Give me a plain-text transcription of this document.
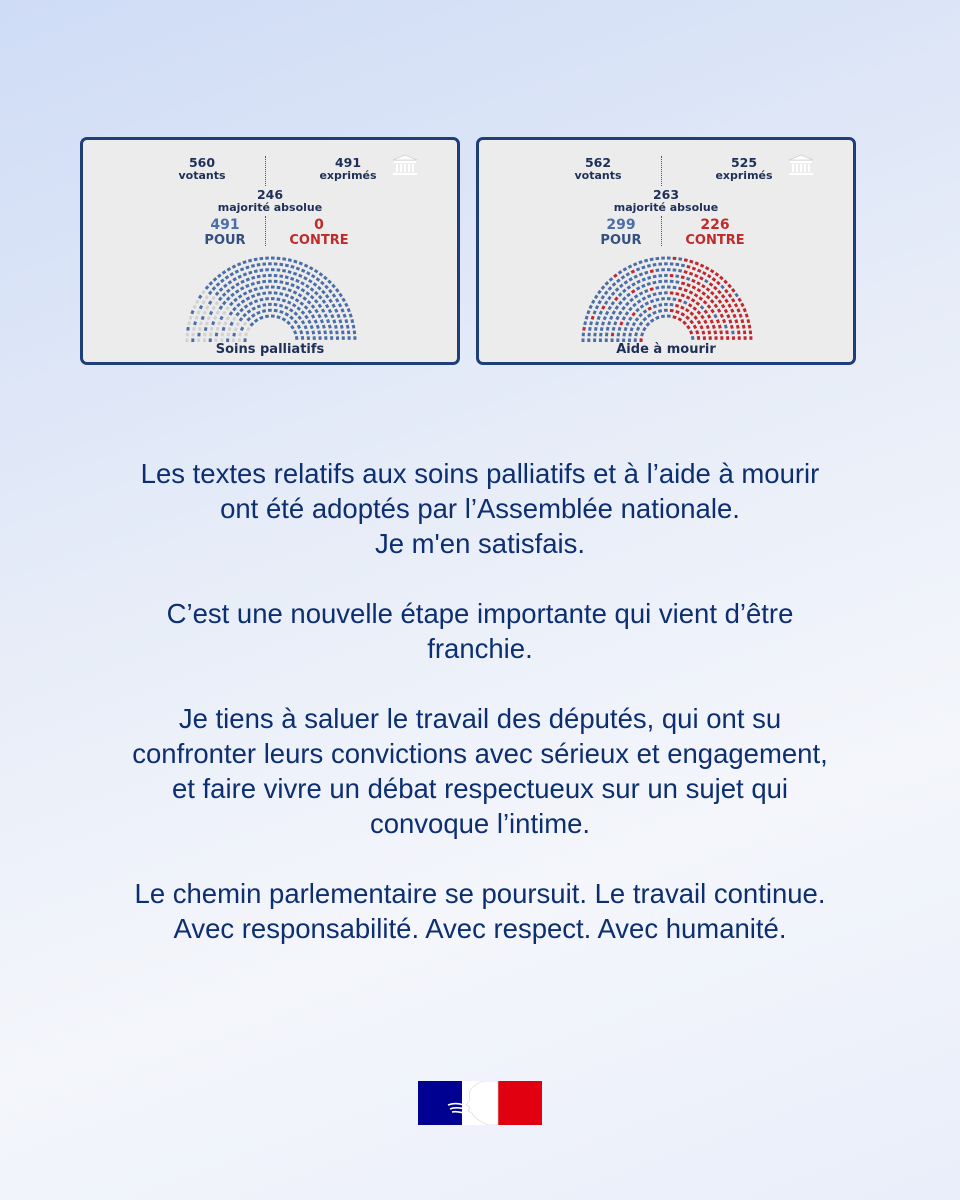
560
votants
491
exprimés
246
majorité absolue
491
POUR
0
CONTRE
Soins palliatifs
562
votants
525
exprimés
263
majorité absolue
299
POUR
226
CONTRE
Aide à mourir

Les textes relatifs aux soins palliatifs et à l’aide à mourir

ont été adoptés par l’Assemblée nationale.

Je m'en satisfais.

C’est une nouvelle étape importante qui vient d’être

franchie.

Je tiens à saluer le travail des députés, qui ont su

confronter leurs convictions avec sérieux et engagement,

et faire vivre un débat respectueux sur un sujet qui

convoque l’intime.

Le chemin parlementaire se poursuit. Le travail continue.

Avec responsabilité. Avec respect. Avec humanité.
